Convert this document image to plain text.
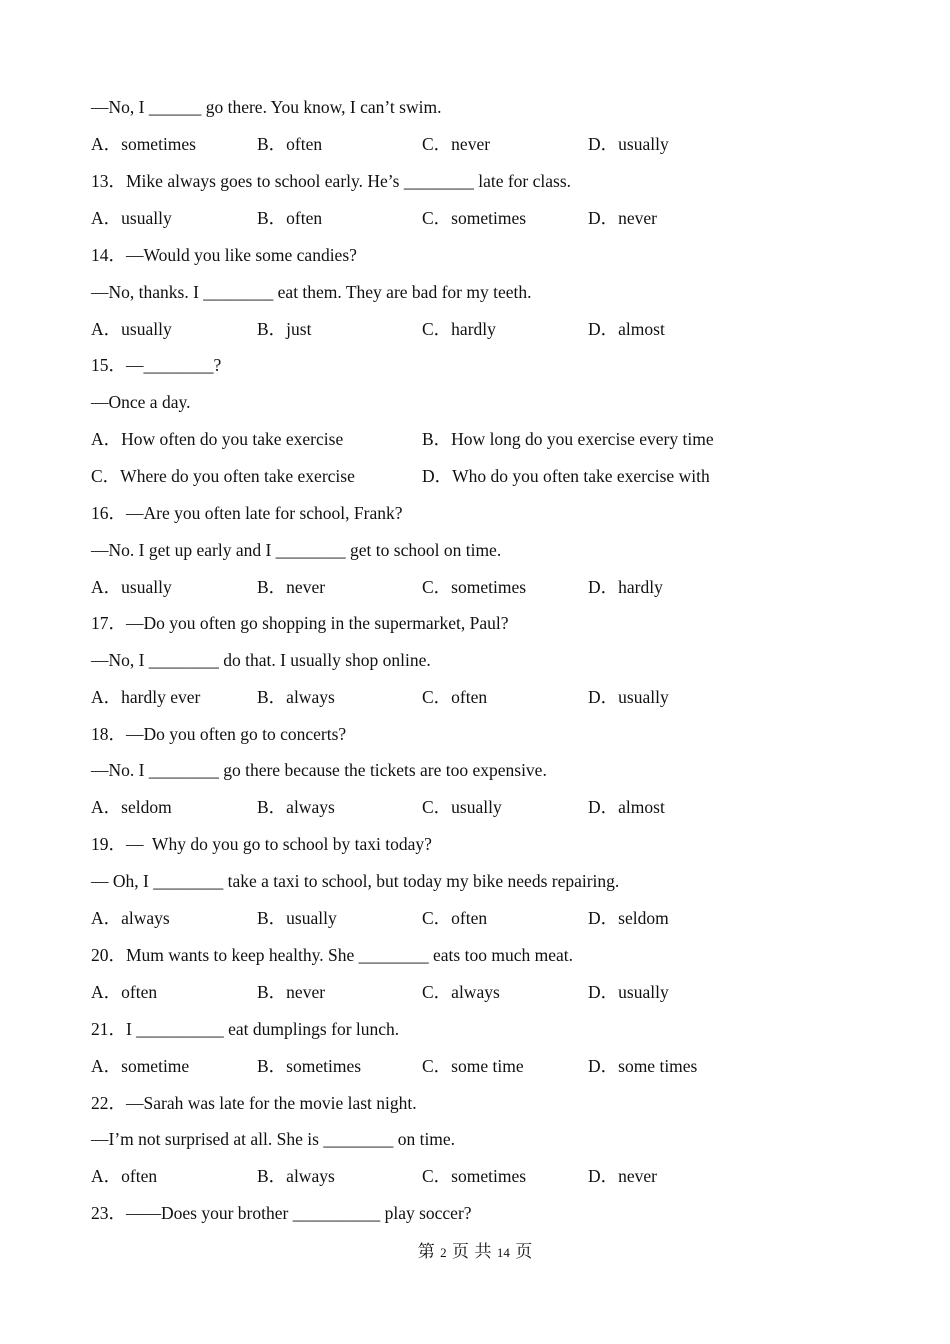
—No, I ______ go there. You know, I can’t swim.
A．sometimes	B．often	C．never	D．usually
13．Mike always goes to school early. He’s ________ late for class.
A．usually	B．often	C．sometimes	D．never
14．—Would you like some candies?
—No, thanks. I ________ eat them. They are bad for my teeth.
A．usually	B．just	C．hardly	D．almost
15．—________?
—Once a day.
A．How often do you take exercise	B．How long do you exercise every time
C．Where do you often take exercise	D．Who do you often take exercise with
16．—Are you often late for school, Frank?
—No. I get up early and I ________ get to school on time.
A．usually	B．never	C．sometimes	D．hardly
17．—Do you often go shopping in the supermarket, Paul?
—No, I ________ do that. I usually shop online.
A．hardly ever	B．always	C．often	D．usually
18．—Do you often go to concerts?
—No. I ________ go there because the tickets are too expensive.
A．seldom	B．always	C．usually	D．almost
19．—  Why do you go to school by taxi today?
— Oh, I ________ take a taxi to school, but today my bike needs repairing.
A．always	B．usually	C．often	D．seldom
20．Mum wants to keep healthy. She ________ eats too much meat.
A．often	B．never	C．always	D．usually
21．I __________ eat dumplings for lunch.
A．sometime	B．sometimes	C．some time	D．some times
22．—Sarah was late for the movie last night.
—I’m not surprised at all. She is ________ on time.
A．often	B．always	C．sometimes	D．never
23．——Does your brother __________ play soccer?
第 2 页 共 14 页
